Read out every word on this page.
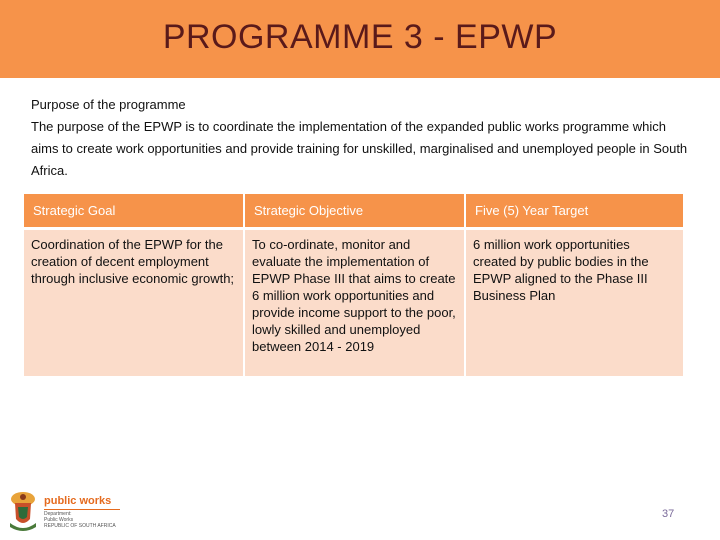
PROGRAMME 3 - EPWP
Purpose of the programme
The purpose of the EPWP is to coordinate the implementation of the expanded public works programme which aims to create work opportunities and provide training for unskilled, marginalised and unemployed people in South Africa.
Strategic Goal	Strategic Objective	Five (5) Year Target
Coordination of the EPWP for the creation of decent employment through inclusive economic growth;	To co-ordinate, monitor and evaluate the implementation of EPWP Phase III that aims to create 6 million work opportunities and provide income support to the poor, lowly skilled and unemployed between 2014 - 2019	6 million work opportunities created by public bodies in the EPWP aligned to the Phase III Business Plan
public works
Department:
Public Works
REPUBLIC OF SOUTH AFRICA
37
